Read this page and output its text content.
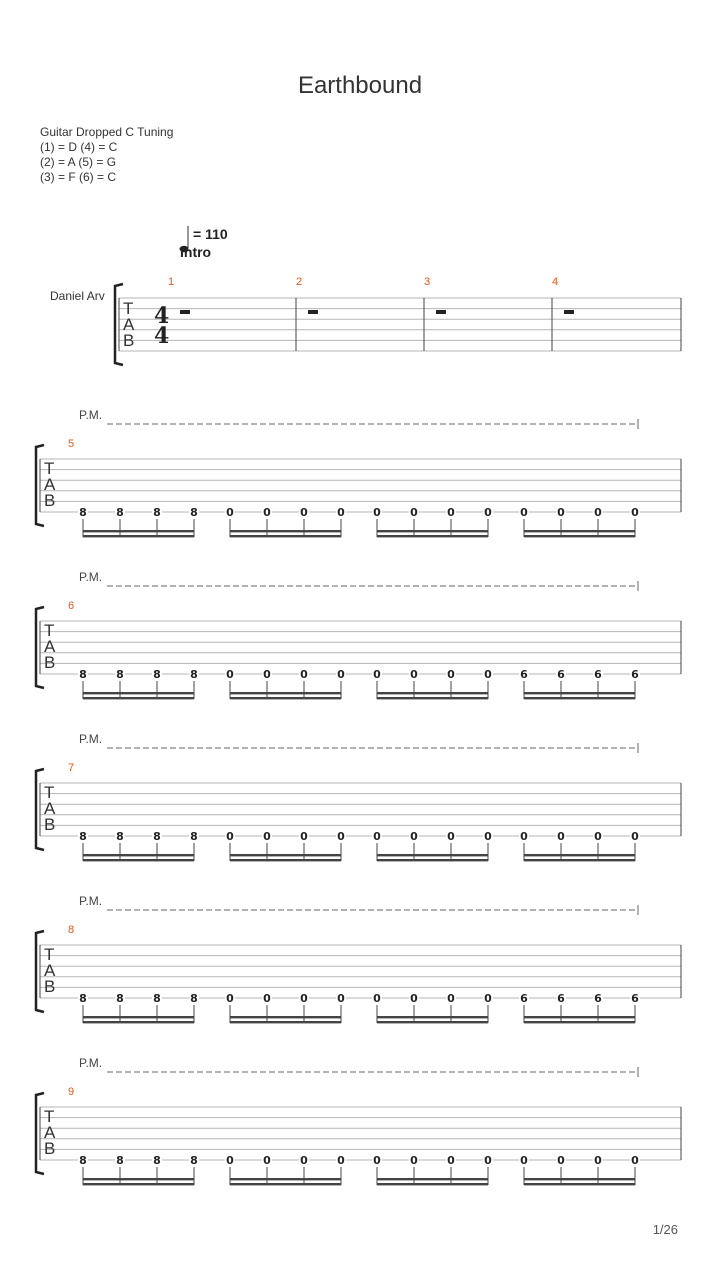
Earthbound
Guitar Dropped C Tuning
(1) = D (4) = C
(2) = A (5) = G
(3) = F (6) = C
= 110
Intro
Daniel Arv
T
A
B
4
4
1	2	3	4
P.M.
5
T
A
B
8	8	8	8	0	0	0	0	0	0	0	0	0	0	0	0
P.M.
6
T
A
B
8	8	8	8	0	0	0	0	0	0	0	0	6	6	6	6
P.M.
7
T
A
B
8	8	8	8	0	0	0	0	0	0	0	0	0	0	0	0
P.M.
8
T
A
B
8	8	8	8	0	0	0	0	0	0	0	0	6	6	6	6
P.M.
9
T
A
B
8	8	8	8	0	0	0	0	0	0	0	0	0	0	0	0
1/26
